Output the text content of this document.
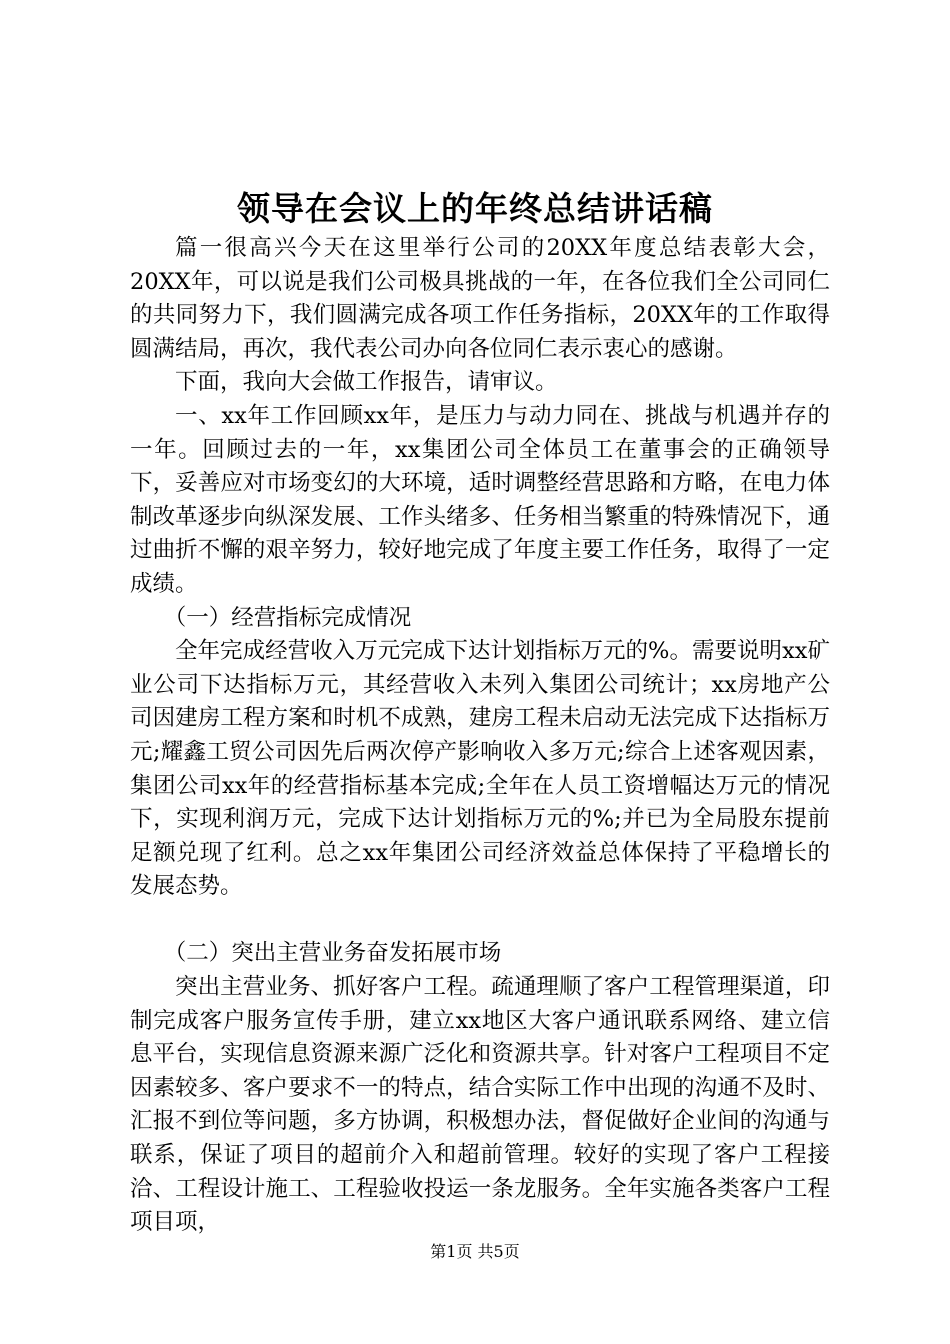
领导在会议上的年终总结讲话稿

篇一很高兴今天在这里举行公司的20XX年度总结表彰大会，20XX年，可以说是我们公司极具挑战的一年，在各位我们全公司同仁的共同努力下，我们圆满完成各项工作任务指标，20XX年的工作取得圆满结局，再次，我代表公司办向各位同仁表示衷心的感谢。

下面，我向大会做工作报告，请审议。

一、xx年工作回顾xx年，是压力与动力同在、挑战与机遇并存的一年。回顾过去的一年，xx集团公司全体员工在董事会的正确领导下，妥善应对市场变幻的大环境，适时调整经营思路和方略，在电力体制改革逐步向纵深发展、工作头绪多、任务相当繁重的特殊情况下，通过曲折不懈的艰辛努力，较好地完成了年度主要工作任务，取得了一定成绩。

（一）经营指标完成情况

全年完成经营收入万元完成下达计划指标万元的%。需要说明xx矿业公司下达指标万元，其经营收入未列入集团公司统计；xx房地产公司因建房工程方案和时机不成熟，建房工程未启动无法完成下达指标万元;耀鑫工贸公司因先后两次停产影响收入多万元;综合上述客观因素，集团公司xx年的经营指标基本完成;全年在人员工资增幅达万元的情况下，实现利润万元，完成下达计划指标万元的%;并已为全局股东提前足额兑现了红利。总之xx年集团公司经济效益总体保持了平稳增长的发展态势。

（二）突出主营业务奋发拓展市场

突出主营业务、抓好客户工程。疏通理顺了客户工程管理渠道，印制完成客户服务宣传手册，建立xx地区大客户通讯联系网络、建立信息平台，实现信息资源来源广泛化和资源共享。针对客户工程项目不定因素较多、客户要求不一的特点，结合实际工作中出现的沟通不及时、汇报不到位等问题，多方协调，积极想办法，督促做好企业间的沟通与联系，保证了项目的超前介入和超前管理。较好的实现了客户工程接洽、工程设计施工、工程验收投运一条龙服务。全年实施各类客户工程项目项，

第1页 共5页
